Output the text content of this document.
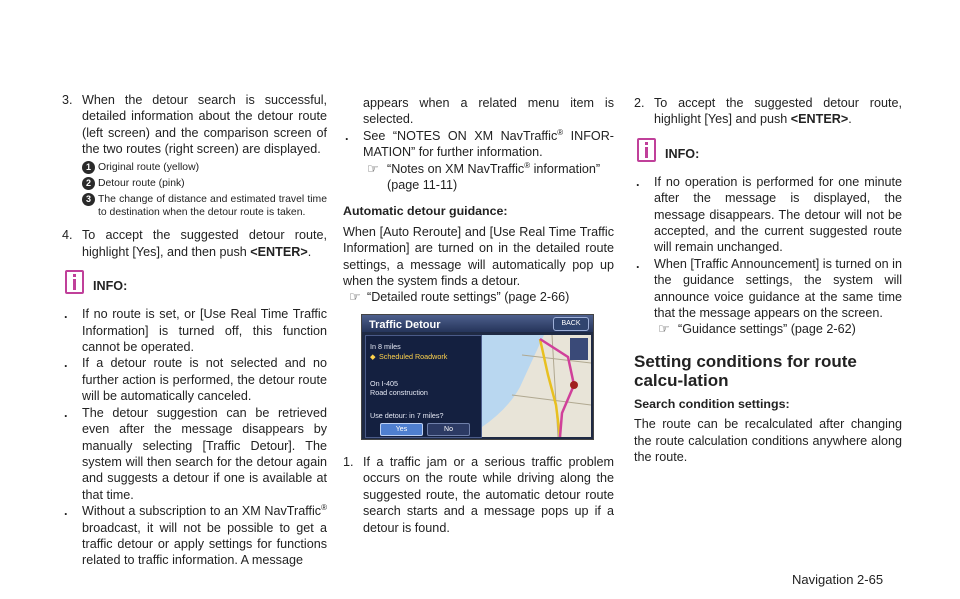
3. When the detour search is successful, detailed information about the detour route (left screen) and the comparison screen of the two routes (right screen) are displayed.
1 Original route (yellow)
2 Detour route (pink)
3 The change of distance and estimated travel time to destination when the detour route is taken.
4. To accept the suggested detour route, highlight [Yes], and then push <ENTER>.
INFO:
. If no route is set, or [Use Real Time Traffic Information] is turned off, this function cannot be operated.
. If a detour route is not selected and no further action is performed, the detour route will be automatically canceled.
. The detour suggestion can be retrieved even after the message disappears by manually selecting [Traffic Detour]. The system will then search for the detour again and suggests a detour if one is available at that time.
. Without a subscription to an XM NavTraffic® broadcast, it will not be possible to get a traffic detour or apply settings for functions related to traffic information. A message
appears when a related menu item is selected.
. See “NOTES ON XM NavTraffic® INFOR-MATION” for further information.
☞ “Notes on XM NavTraffic® information”
(page 11-11)
Automatic detour guidance:
When [Auto Reroute] and [Use Real Time Traffic Information] are turned on in the detailed route settings, a message will automatically pop up when the system finds a detour.
☞ “Detailed route settings” (page 2-66)
Traffic Detour	BACK
In 8 miles
◆ Scheduled Roadwork
On I-405
Road construction
Use detour: in 7 miles?
Yes	No
1. If a traffic jam or a serious traffic problem occurs on the route while driving along the suggested route, the automatic detour route search starts and a message pops up if a detour is found.
2. To accept the suggested detour route, highlight [Yes] and push <ENTER>.
INFO:
. If no operation is performed for one minute after the message is displayed, the message disappears. The detour will not be accepted, and the current suggested route will remain unchanged.
. When [Traffic Announcement] is turned on in the guidance settings, the system will announce voice guidance at the same time that the message appears on the screen.
☞ “Guidance settings” (page 2-62)
Setting conditions for route calcu-lation
Search condition settings:
The route can be recalculated after changing the route calculation conditions anywhere along the route.
Navigation 2-65
